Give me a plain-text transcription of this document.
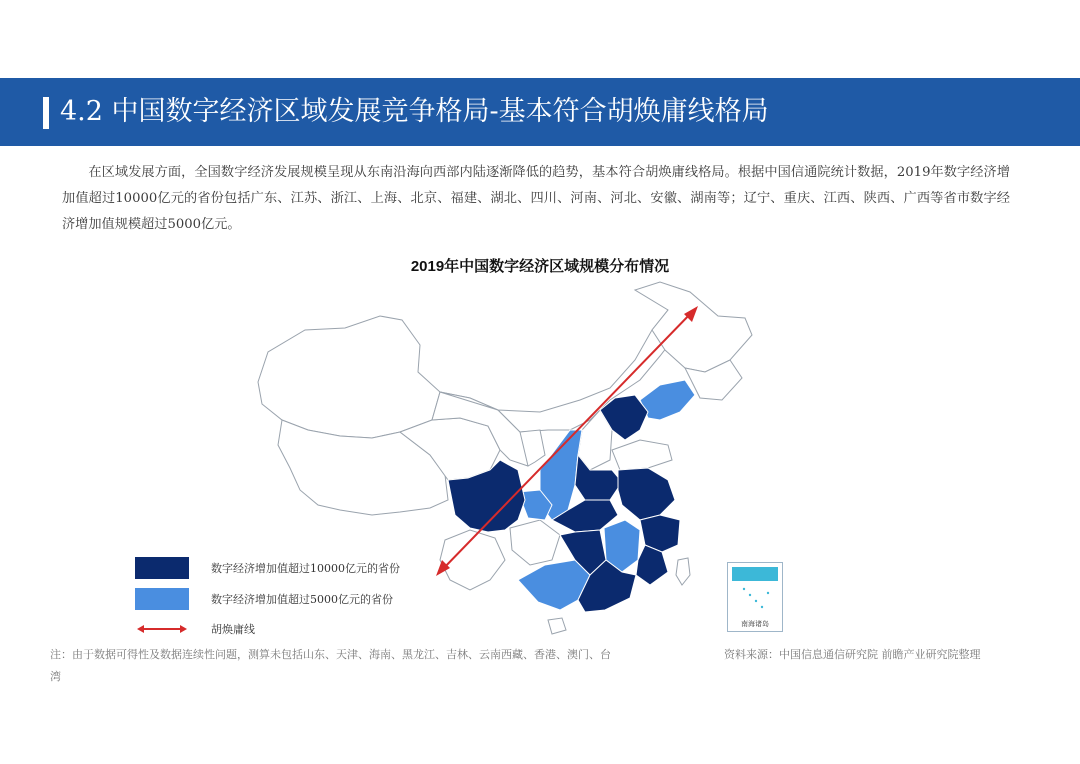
4.2 中国数字经济区域发展竞争格局-基本符合胡焕庸线格局
在区域发展方面，全国数字经济发展规模呈现从东南沿海向西部内陆逐渐降低的趋势，基本符合胡焕庸线格局。根据中国信通院统计数据，2019年数字经济增加值超过10000亿元的省份包括广东、江苏、浙江、上海、北京、福建、湖北、四川、河南、河北、安徽、湖南等；辽宁、重庆、江西、陕西、广西等省市数字经济增加值规模超过5000亿元。
2019年中国数字经济区域规模分布情况
南海诸岛
数字经济增加值超过10000亿元的省份
数字经济增加值超过5000亿元的省份
胡焕庸线
注：由于数据可得性及数据连续性问题，测算未包括山东、天津、海南、黑龙江、吉林、云南西藏、香港、澳门、台湾
资料来源：中国信息通信研究院 前瞻产业研究院整理
